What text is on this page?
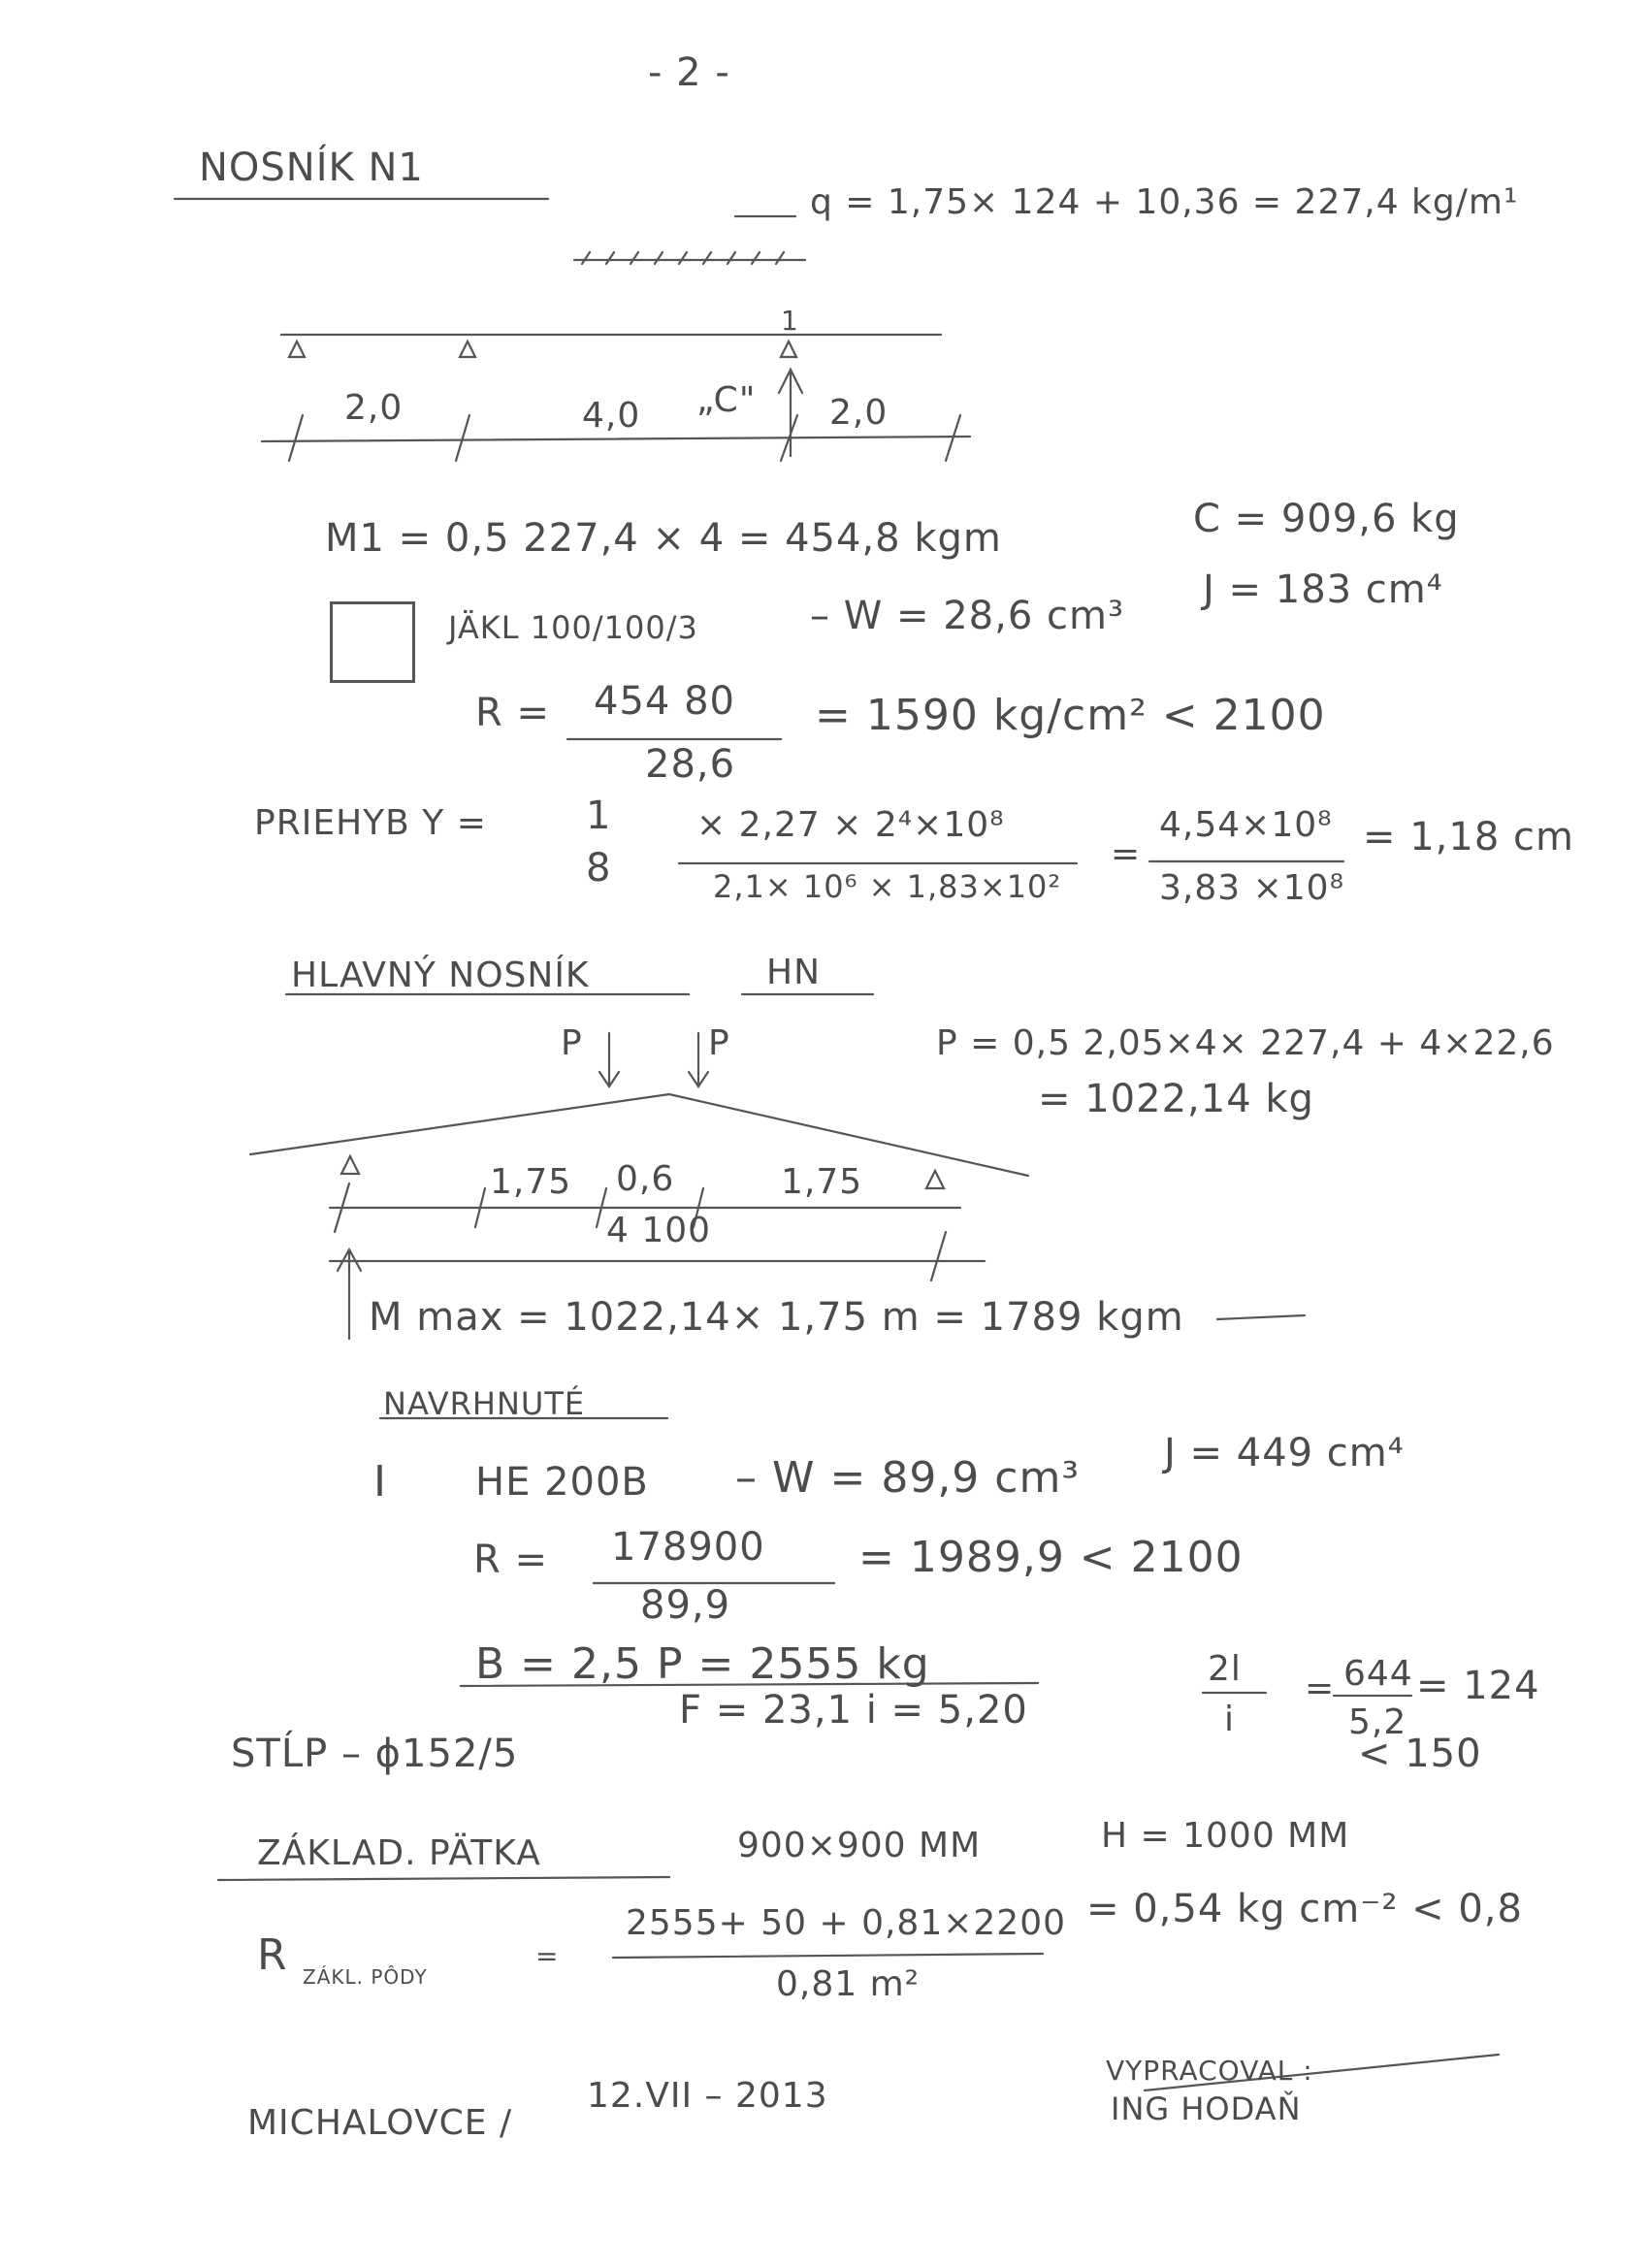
- 2 -
NOSNÍK N1
q = 1,75× 124 + 10,36 = 227,4 kg/m¹
1
2,0	4,0 „C" 2,0
M1 = 0,5 227,4 × 4 = 454,8 kgm	C = 909,6 kg
JÄKL 100/100/3	– W = 28,6 cm³
J = 183 cm⁴
R = 454 80
28,6
= 1590 kg/cm² < 2100
PRIEHYB Y =	1
8
× 2,27 × 2⁴×10⁸
2,1× 10⁶ × 1,83×10²
=
4,54×10⁸
3,83 ×10⁸
= 1,18 cm
HLAVNÝ NOSNÍK	HN
P	P	P = 0,5 2,05×4× 227,4 + 4×22,6
= 1022,14 kg
1,75 0,6	1,75
4 100
M max = 1022,14× 1,75 m = 1789 kgm
NAVRHNUTÉ
I HE 200B – W = 89,9 cm³ J = 449 cm⁴
R = 178900
89,9
= 1989,9 < 2100
B = 2,5 P = 2555 kg
STĹP – ϕ152/5
F = 23,1 i = 5,20
2l
i
= 644
5,2
= 124
< 150
ZÁKLAD. PÄTKA	900×900 MM	H = 1000 MM
R ZÁKL. PÔDY
=
2555+ 50 + 0,81×2200
0,81 m²
= 0,54 kg cm⁻² < 0,8
MICHALOVCE /
12.VII – 2013
VYPRACOVAL :
ING HODAŇ
